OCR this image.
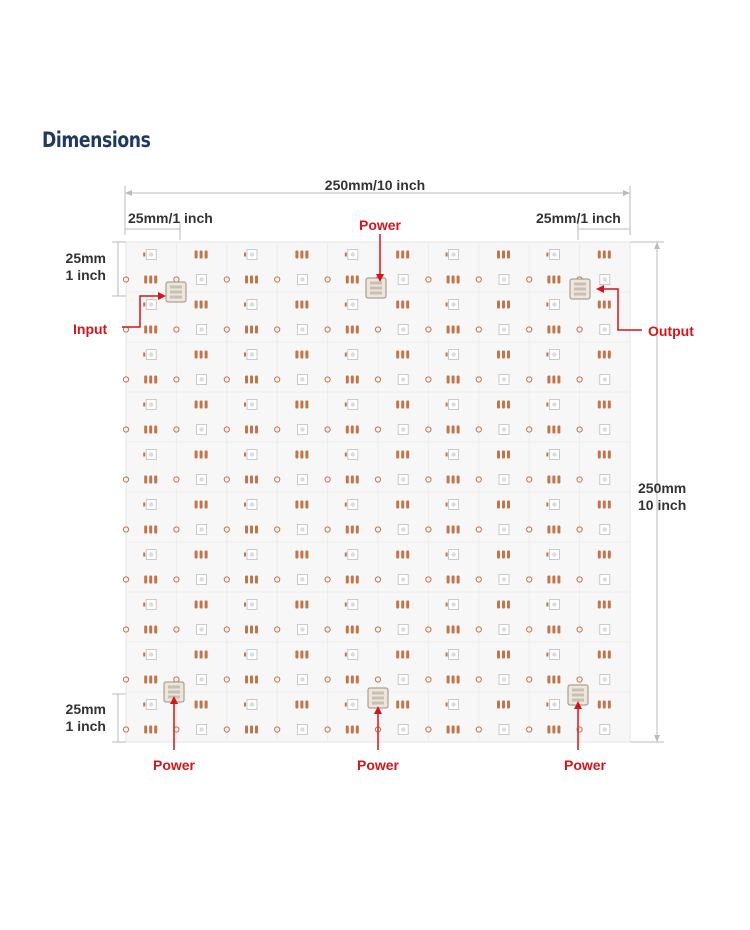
Dimensions
250mm/10 inch
25mm/1 inch	25mm/1 inch
25mm
1 inch
25mm
1 inch
250mm
10 inch
Power
Input	Output
Power	Power	Power
